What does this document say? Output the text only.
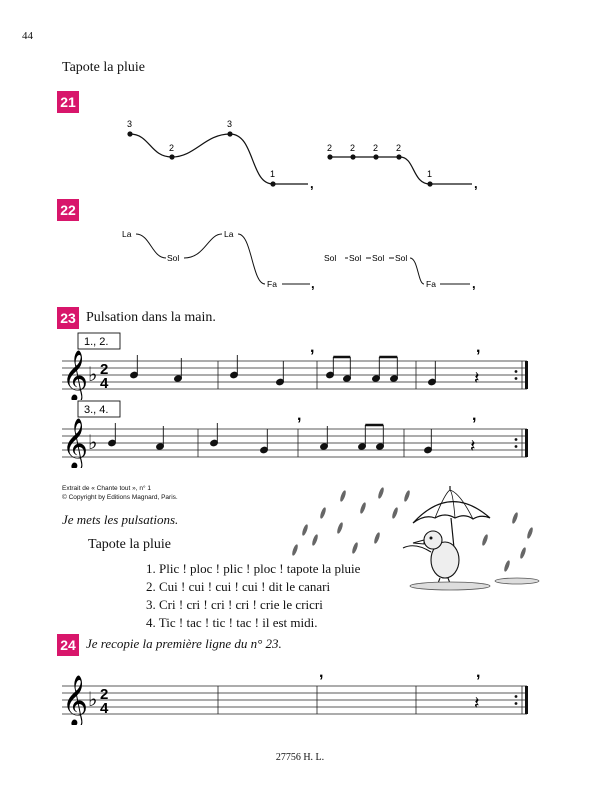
44
Tapote la pluie
21
3
2
3
1
2 2 2 2
1
,	,
22
La
Sol
La
Fa
Sol Sol Sol Sol
Fa
,	,
23 Pulsation dans la main.
𝄞 ♭ 2
4
1., 2.
𝄽
,	,
𝄞 ♭
3., 4.
𝄽
,	,
Extrait de « Chante tout », n° 1
© Copyright by Editions Magnard, Paris.
Je mets les pulsations.
Tapote la pluie
1. Plic ! ploc ! plic ! ploc ! tapote la pluie
2. Cui ! cui ! cui ! cui ! dit le canari
3. Cri ! cri ! cri ! cri ! crie le cricri
4. Tic ! tac ! tic ! tac ! il est midi.
24 Je recopie la première ligne du n° 23.
𝄞 ♭ 2
4	𝄽
,	,
27756 H. L.
